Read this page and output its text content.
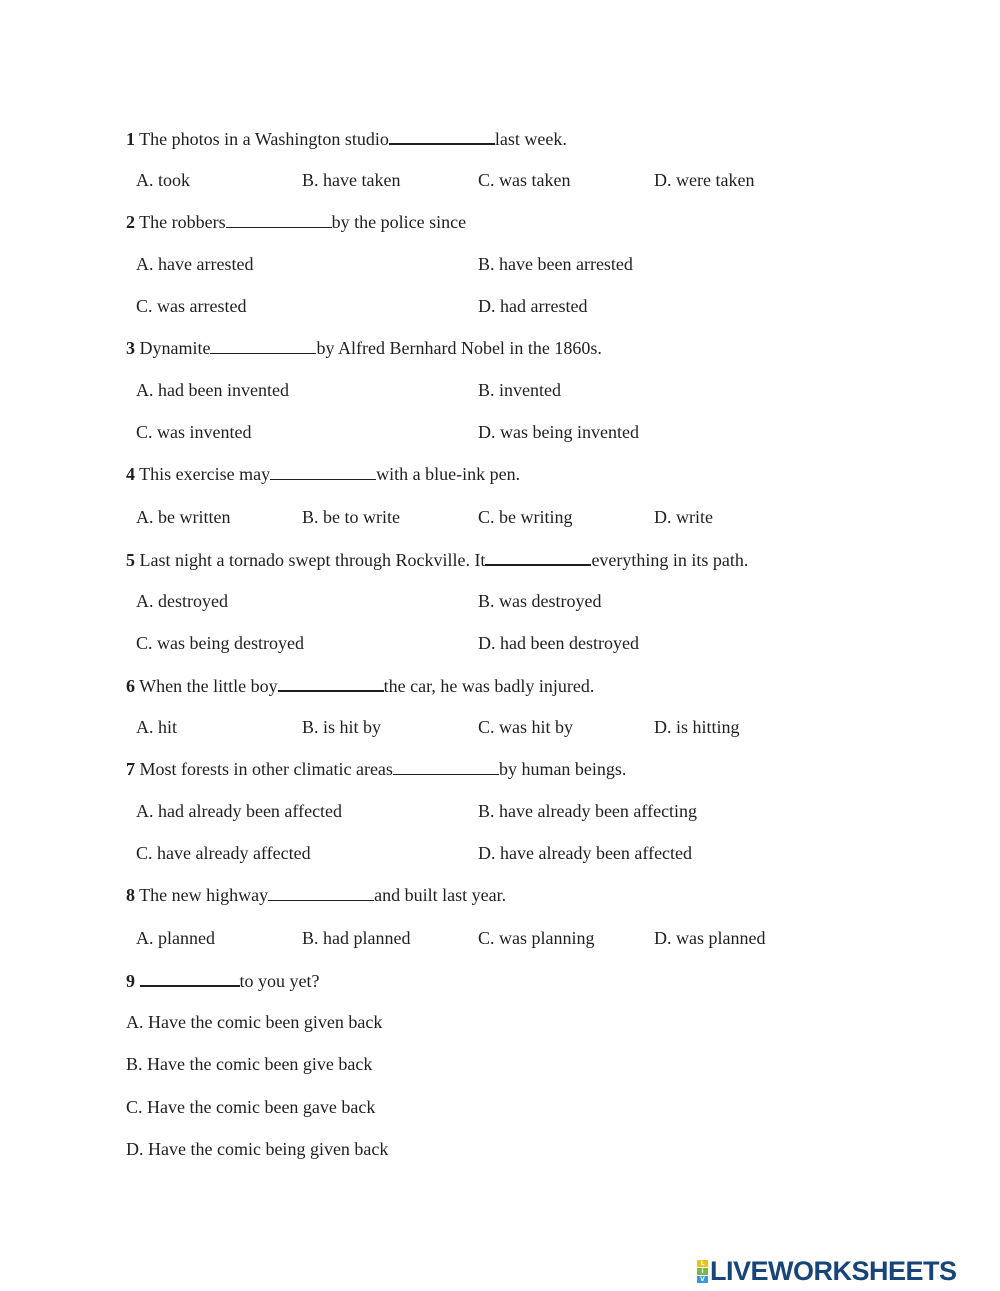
1 The photos in a Washington studio	last week.
A. took	B. have taken	C. was taken	D. were taken
2 The robbers	by the police since
A. have arrested	B. have been arrested
C. was arrested	D. had arrested
3 Dynamite	by Alfred Bernhard Nobel in the 1860s.
A. had been invented	B. invented
C. was invented	D. was being invented
4 This exercise may	with a blue-ink pen.
A. be written	B. be to write	C. be writing	D. write
5 Last night a tornado swept through Rockville. It	everything in its path.
A. destroyed	B. was destroyed
C. was being destroyed	D. had been destroyed
6 When the little boy	the car, he was badly injured.
A. hit	B. is hit by	C. was hit by	D. is hitting
7 Most forests in other climatic areas	by human beings.
A. had already been affected	B. have already been affecting
C. have already affected	D. have already been affected
8 The new highway	and built last year.
A. planned	B. had planned	C. was planning	D. was planned
9	to you yet?
A. Have the comic been given back
B. Have the comic been give back
C. Have the comic been gave back
D. Have the comic being given back
L
I
V LIVEWORKSHEETS
